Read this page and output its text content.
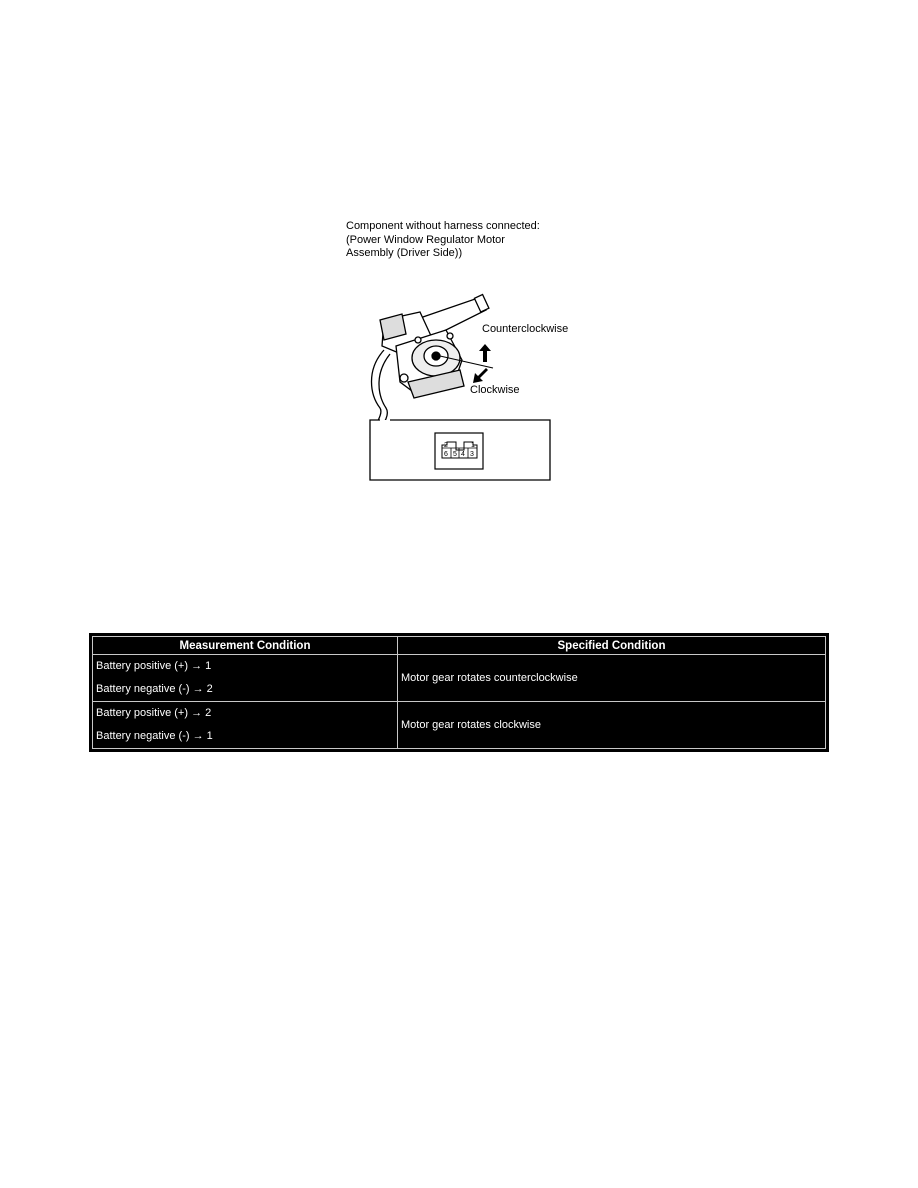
Component without harness connected:
(Power Window Regulator Motor
Assembly (Driver Side))
2	1
6 5 4 3
Counterclockwise
Clockwise
Measurement Condition	Specified Condition

Battery positive (+) → 1
Battery negative (-) → 2	Motor gear rotates counterclockwise

Battery positive (+) → 2
Battery negative (-) → 1	Motor gear rotates clockwise
